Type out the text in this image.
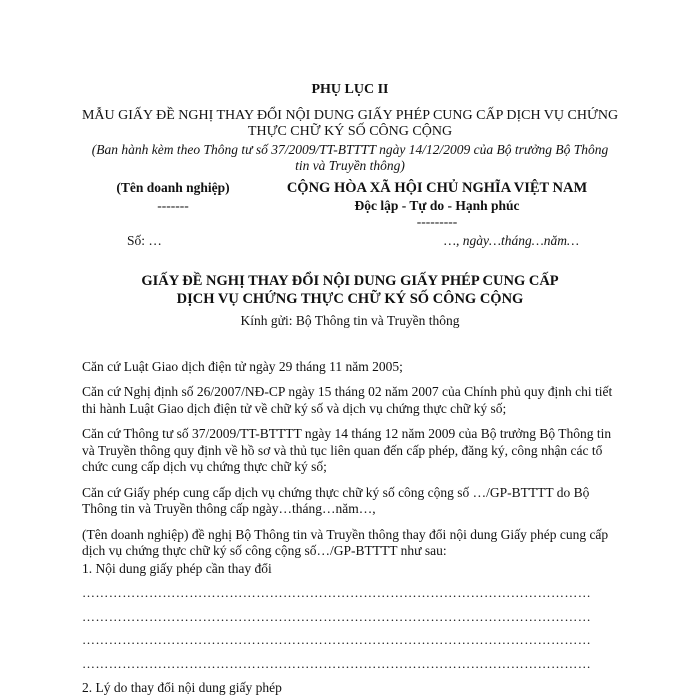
PHỤ LỤC II
MẪU GIẤY ĐỀ NGHỊ THAY ĐỔI NỘI DUNG GIẤY PHÉP CUNG CẤP DỊCH VỤ CHỨNG THỰC CHỮ KÝ SỐ CÔNG CỘNG
(Ban hành kèm theo Thông tư số 37/2009/TT-BTTTT ngày 14/12/2009 của Bộ trưởng Bộ Thông tin và Truyền thông)
(Tên doanh nghiệp)
-------
CỘNG HÒA XÃ HỘI CHỦ NGHĨA VIỆT NAM
Độc lập - Tự do - Hạnh phúc
---------
Số: …	…, ngày…tháng…năm…
GIẤY ĐỀ NGHỊ THAY ĐỔI NỘI DUNG GIẤY PHÉP CUNG CẤP
DỊCH VỤ CHỨNG THỰC CHỮ KÝ SỐ CÔNG CỘNG
Kính gửi: Bộ Thông tin và Truyền thông

Căn cứ Luật Giao dịch điện tử ngày 29 tháng 11 năm 2005;

Căn cứ Nghị định số 26/2007/NĐ-CP ngày 15 tháng 02 năm 2007 của Chính phủ quy định chi tiết thi hành Luật Giao dịch điện tử về chữ ký số và dịch vụ chứng thực chữ ký số;

Căn cứ Thông tư số 37/2009/TT-BTTTT ngày 14 tháng 12 năm 2009 của Bộ trưởng Bộ Thông tin và Truyền thông quy định về hồ sơ và thủ tục liên quan đến cấp phép, đăng ký, công nhận các tổ chức cung cấp dịch vụ chứng thực chữ ký số;

Căn cứ Giấy phép cung cấp dịch vụ chứng thực chữ ký số công cộng số …/GP-BTTTT do Bộ Thông tin và Truyền thông cấp ngày…tháng…năm…,

(Tên doanh nghiệp) đề nghị Bộ Thông tin và Truyền thông thay đổi nội dung Giấy phép cung cấp dịch vụ chứng thực chữ ký số công cộng số…/GP-BTTTT như sau:

1. Nội dung giấy phép cần thay đổi
……………………………………………………………………………………………………
……………………………………………………………………………………………………
……………………………………………………………………………………………………
……………………………………………………………………………………………………
2. Lý do thay đổi nội dung giấy phép
